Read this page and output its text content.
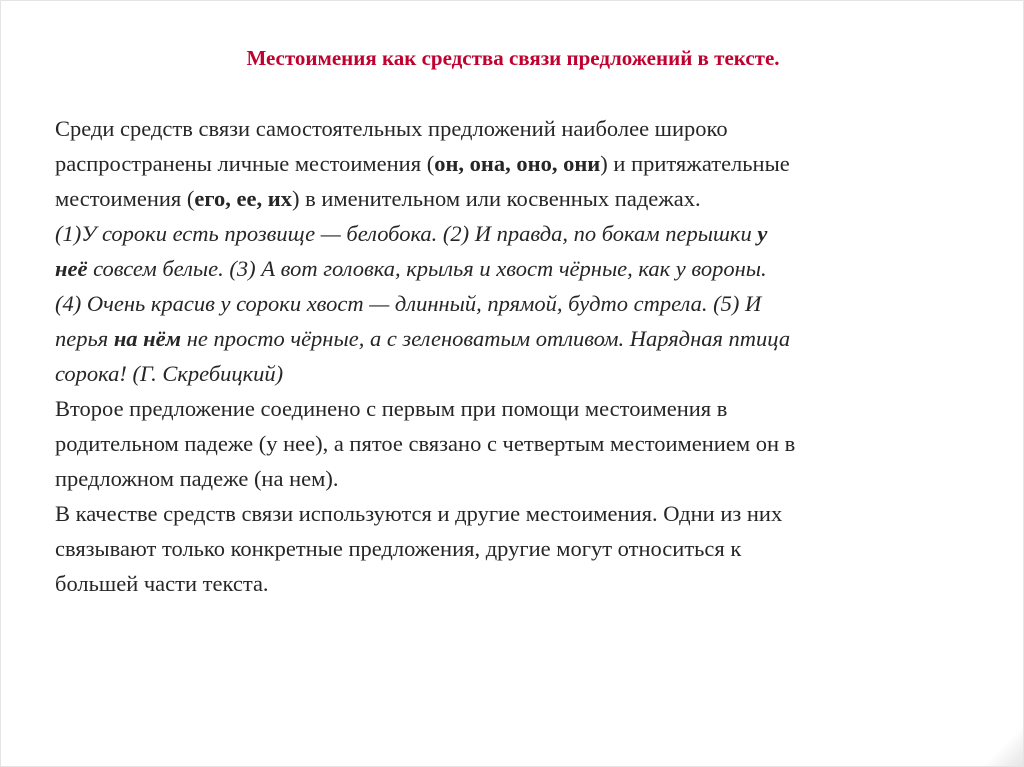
Местоимения как средства связи предложений в тексте.
Среди средств связи самостоятельных предложений наиболее широко
распространены личные местоимения (он, она, оно, они) и притяжательные
местоимения (его, ее, их) в именительном или косвенных падежах.
(1)У сороки есть прозвище — белобока. (2) И правда, по бокам перышки у
неё совсем белые. (3) А вот головка, крылья и хвост чёрные, как у вороны.
(4) Очень красив у сороки хвост — длинный, прямой, будто стрела. (5) И
перья на нём не просто чёрные, а с зеленоватым отливом. Нарядная птица
сорока! (Г. Скребицкий)
Второе предложение соединено с первым при помощи местоимения в
родительном падеже (у нее), а пятое связано с четвертым местоимением он в
предложном падеже (на нем).
В качестве средств связи используются и другие местоимения. Одни из них
связывают только конкретные предложения, другие могут относиться к
большей части текста.
